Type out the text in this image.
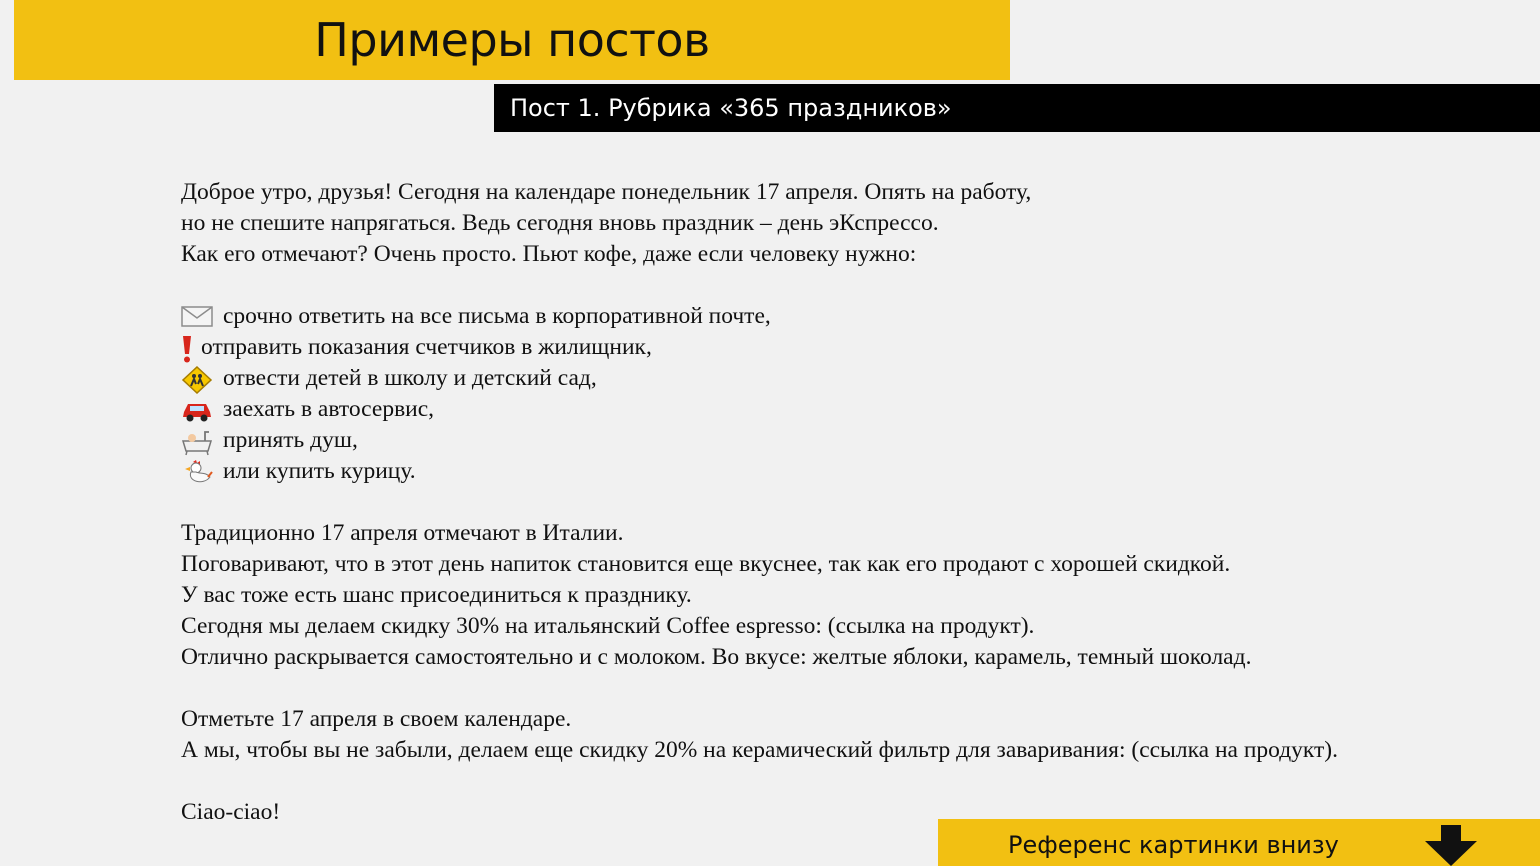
Примеры постов
Пост 1. Рубрика «365 праздников»
Доброе утро, друзья! Сегодня на календаре понедельник 17 апреля. Опять на работу,
но не спешите напрягаться. Ведь сегодня вновь праздник – день эКспрессо.
Как его отмечают? Очень просто. Пьют кофе, даже если человеку нужно:
срочно ответить на все письма в корпоративной почте,
отправить показания счетчиков в жилищник,
отвести детей в школу и детский сад,
заехать в автосервис,
принять душ,
или купить курицу.
Традиционно 17 апреля отмечают в Италии.
Поговаривают, что в этот день напиток становится еще вкуснее, так как его продают с хорошей скидкой.
У вас тоже есть шанс присоединиться к празднику.
Сегодня мы делаем скидку 30% на итальянский Coffee espresso: (ссылка на продукт).
Отлично раскрывается самостоятельно и с молоком. Во вкусе: желтые яблоки, карамель, темный шоколад.
Отметьте 17 апреля в своем календаре.
А мы, чтобы вы не забыли, делаем еще скидку 20% на керамический фильтр для заваривания: (ссылка на продукт).
Ciao-ciao!
Референс картинки внизу
